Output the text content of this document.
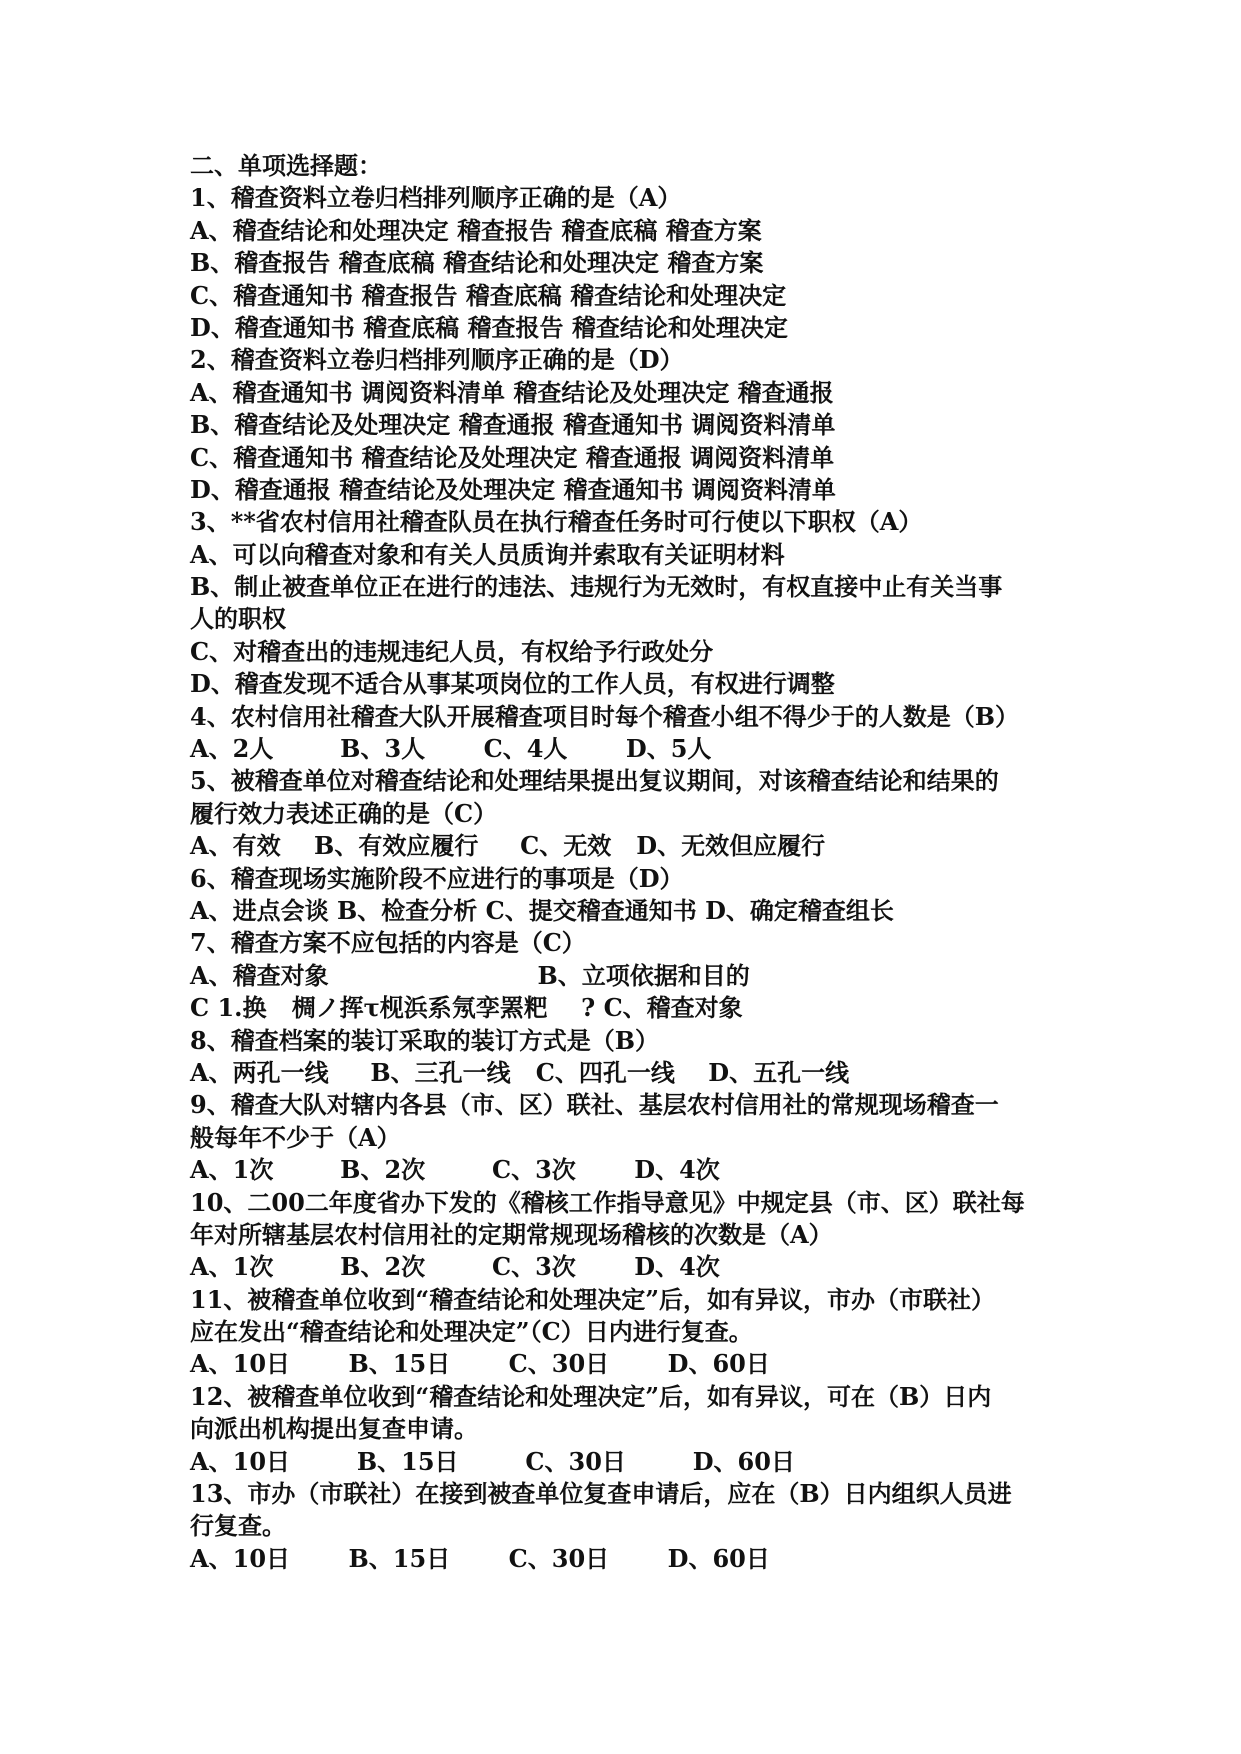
二、单项选择题：
1、稽查资料立卷归档排列顺序正确的是（A）
A、稽查结论和处理决定 稽查报告 稽查底稿 稽查方案
B、稽查报告 稽查底稿 稽查结论和处理决定 稽查方案
C、稽查通知书 稽查报告 稽查底稿 稽查结论和处理决定
D、稽查通知书 稽查底稿 稽查报告 稽查结论和处理决定
2、稽查资料立卷归档排列顺序正确的是（D）
A、稽查通知书 调阅资料清单 稽查结论及处理决定 稽查通报
B、稽查结论及处理决定 稽查通报 稽查通知书 调阅资料清单
C、稽查通知书 稽查结论及处理决定 稽查通报 调阅资料清单
D、稽查通报 稽查结论及处理决定 稽查通知书 调阅资料清单
3、**省农村信用社稽查队员在执行稽查任务时可行使以下职权（A）
A、可以向稽查对象和有关人员质询并索取有关证明材料
B、制止被查单位正在进行的违法、违规行为无效时，有权直接中止有关当事
人的职权
C、对稽查出的违规违纪人员，有权给予行政处分
D、稽查发现不适合从事某项岗位的工作人员，有权进行调整
4、农村信用社稽查大队开展稽查项目时每个稽查小组不得少于的人数是（B）
A、2人        B、3人       C、4人       D、5人
5、被稽查单位对稽查结论和处理结果提出复议期间，对该稽查结论和结果的
履行效力表述正确的是（C）
A、有效    B、有效应履行     C、无效   D、无效但应履行
6、稽查现场实施阶段不应进行的事项是（D）
A、进点会谈 B、检查分析 C、提交稽查通知书 D、确定稽查组长
7、稽查方案不应包括的内容是（C）
A、稽查对象                         B、立项依据和目的
C 1.换   椆ノ挥τ枧浜系氖孪罴粑    ? C、稽查对象
8、稽查档案的装订采取的装订方式是（B）
A、两孔一线     B、三孔一线   C、四孔一线    D、五孔一线
9、稽查大队对辖内各县（市、区）联社、基层农村信用社的常规现场稽查一
般每年不少于（A）
A、1次        B、2次        C、3次       D、4次
10、二00二年度省办下发的《稽核工作指导意见》中规定县（市、区）联社每
年对所辖基层农村信用社的定期常规现场稽核的次数是（A）
A、1次        B、2次        C、3次       D、4次
11、被稽查单位收到“稽查结论和处理决定”后，如有异议，市办（市联社）
应在发出“稽查结论和处理决定”（C）日内进行复查。
A、10日       B、15日       C、30日       D、60日
12、被稽查单位收到“稽查结论和处理决定”后，如有异议，可在（B）日内
向派出机构提出复查申请。
A、10日        B、15日        C、30日        D、60日
13、市办（市联社）在接到被查单位复查申请后，应在（B）日内组织人员进
行复查。
A、10日       B、15日       C、30日       D、60日
